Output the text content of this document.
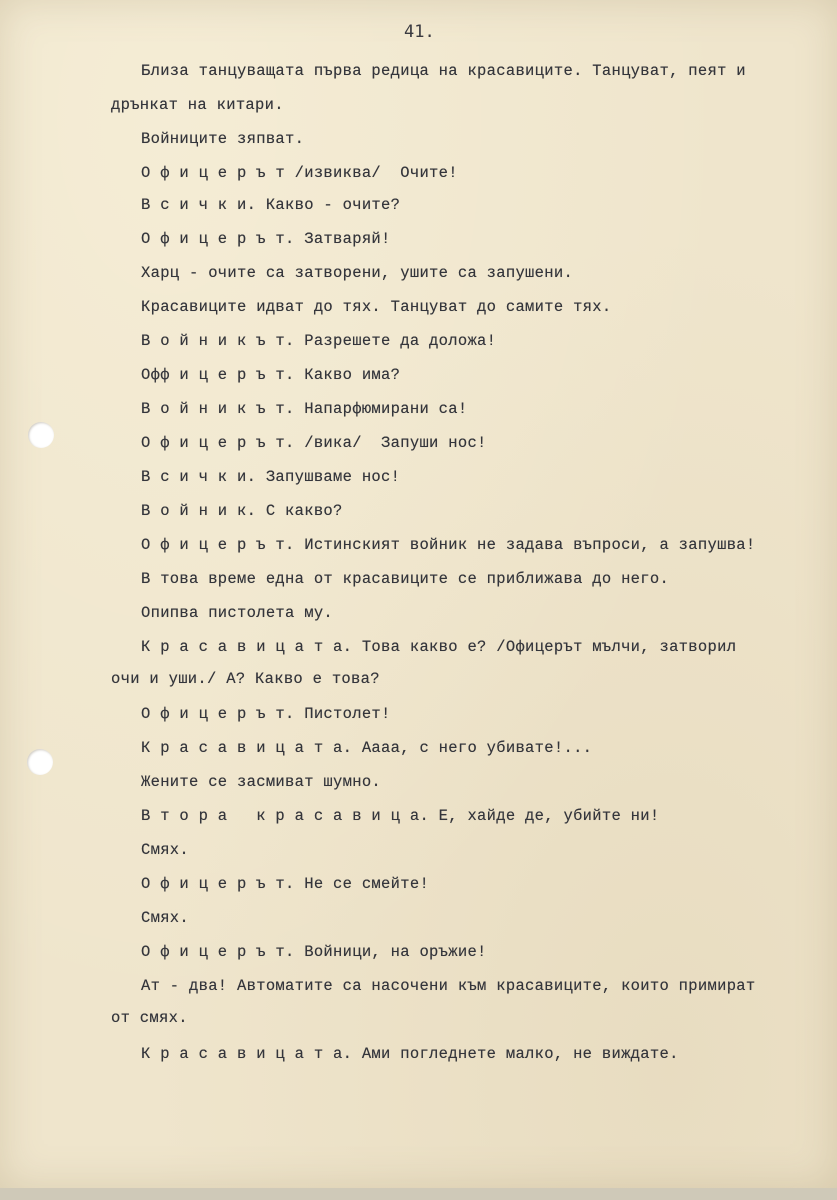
41.
Близа танцуващата първа редица на красавиците. Танцуват, пеят и
дрънкат на китари.
Войниците зяпват.
О ф и ц е р ъ т /извиква/  Очите!
В с и ч к и. Какво - очите?
О ф и ц е р ъ т. Затваряй!
Харц - очите са затворени, ушите са запушени.
Красавиците идват до тях. Танцуват до самите тях.
В о й н и к ъ т. Разрешете да доложа!
Офф и ц е р ъ т. Какво има?
В о й н и к ъ т. Напарфюмирани са!
О ф и ц е р ъ т. /вика/  Запуши нос!
В с и ч к и. Запушваме нос!
В о й н и к. С какво?
О ф и ц е р ъ т. Истинският войник не задава въпроси, а запушва!
В това време една от красавиците се приближава до него.
Опипва пистолета му.
К р а с а в и ц а т а. Това какво е? /Офицерът мълчи, затворил
очи и уши./ А? Какво е това?
О ф и ц е р ъ т. Пистолет!
К р а с а в и ц а т а. Аааа, с него убивате!...
Жените се засмиват шумно.
В т о р а   к р а с а в и ц а. Е, хайде де, убийте ни!
Смях.
О ф и ц е р ъ т. Не се смейте!
Смях.
О ф и ц е р ъ т. Войници, на оръжие!
Ат - два! Автоматите са насочени към красавиците, които примират
от смях.
К р а с а в и ц а т а. Ами погледнете малко, не виждате.
